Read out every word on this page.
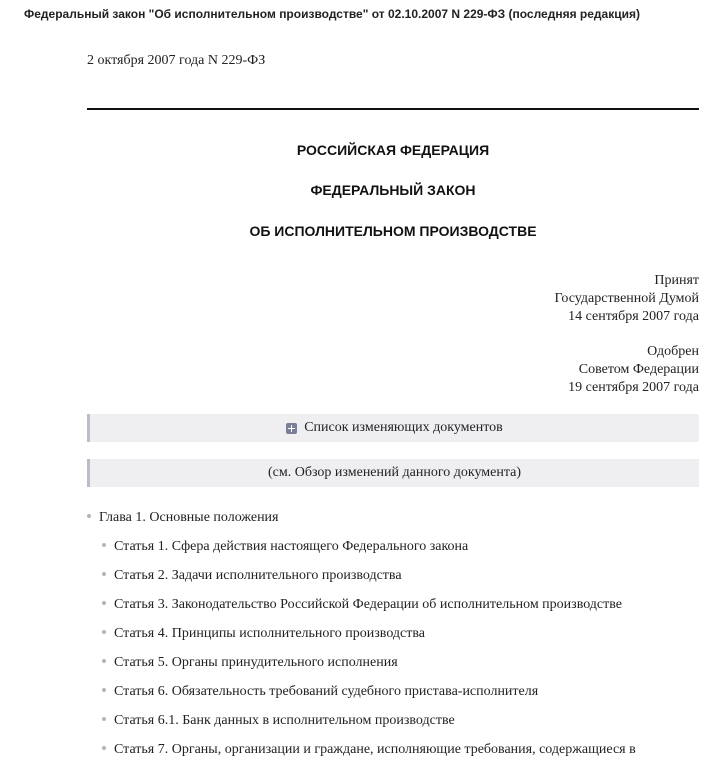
Федеральный закон "Об исполнительном производстве" от 02.10.2007 N 229-ФЗ (последняя редакция)
2 октября 2007 года N 229-ФЗ
РОССИЙСКАЯ ФЕДЕРАЦИЯ
ФЕДЕРАЛЬНЫЙ ЗАКОН
ОБ ИСПОЛНИТЕЛЬНОМ ПРОИЗВОДСТВЕ
Принят
Государственной Думой
14 сентября 2007 года
Одобрен
Советом Федерации
19 сентября 2007 года
Список изменяющих документов
(см. Обзор изменений данного документа)
Глава 1. Основные положения
Статья 1. Сфера действия настоящего Федерального закона
Статья 2. Задачи исполнительного производства
Статья 3. Законодательство Российской Федерации об исполнительном производстве
Статья 4. Принципы исполнительного производства
Статья 5. Органы принудительного исполнения
Статья 6. Обязательность требований судебного пристава-исполнителя
Статья 6.1. Банк данных в исполнительном производстве
Статья 7. Органы, организации и граждане, исполняющие требования, содержащиеся в
